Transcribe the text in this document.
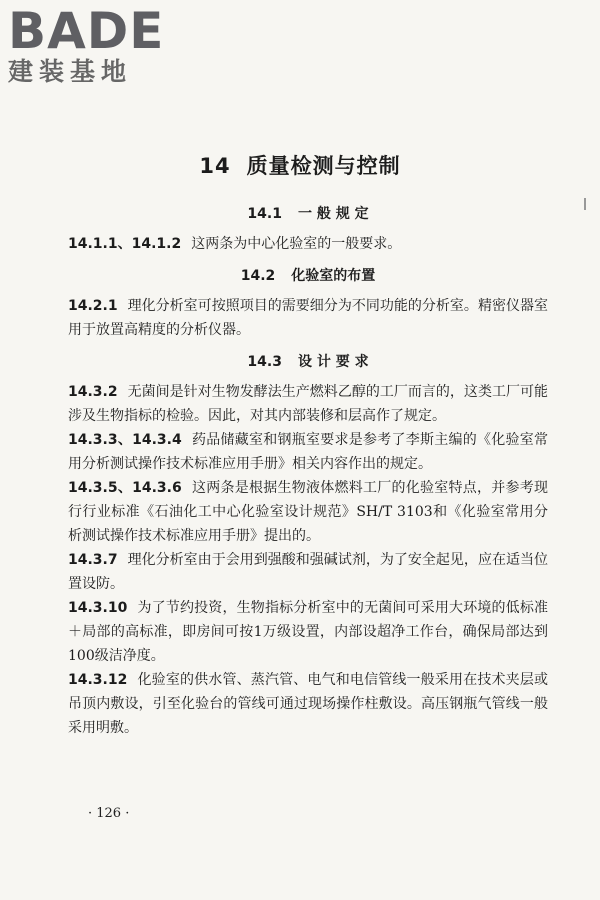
BADE
建装基地
14 质量检测与控制
14.1 一 般 规 定

14.1.1、14.1.2 这两条为中心化验室的一般要求。

14.2 化验室的布置

14.2.1 理化分析室可按照项目的需要细分为不同功能的分析室。精密仪器室用于放置高精度的分析仪器。

14.3 设 计 要 求

14.3.2 无菌间是针对生物发酵法生产燃料乙醇的工厂而言的，这类工厂可能涉及生物指标的检验。因此，对其内部装修和层高作了规定。

14.3.3、14.3.4 药品储藏室和钢瓶室要求是参考了李斯主编的《化验室常用分析测试操作技术标准应用手册》相关内容作出的规定。

14.3.5、14.3.6 这两条是根据生物液体燃料工厂的化验室特点，并参考现行行业标准《石油化工中心化验室设计规范》SH/T 3103和《化验室常用分析测试操作技术标准应用手册》提出的。

14.3.7 理化分析室由于会用到强酸和强碱试剂，为了安全起见，应在适当位置设防。

14.3.10 为了节约投资，生物指标分析室中的无菌间可采用大环境的低标准＋局部的高标准，即房间可按1万级设置，内部设超净工作台，确保局部达到100级洁净度。

14.3.12 化验室的供水管、蒸汽管、电气和电信管线一般采用在技术夹层或吊顶内敷设，引至化验台的管线可通过现场操作柱敷设。高压钢瓶气管线一般采用明敷。

· 126 ·
